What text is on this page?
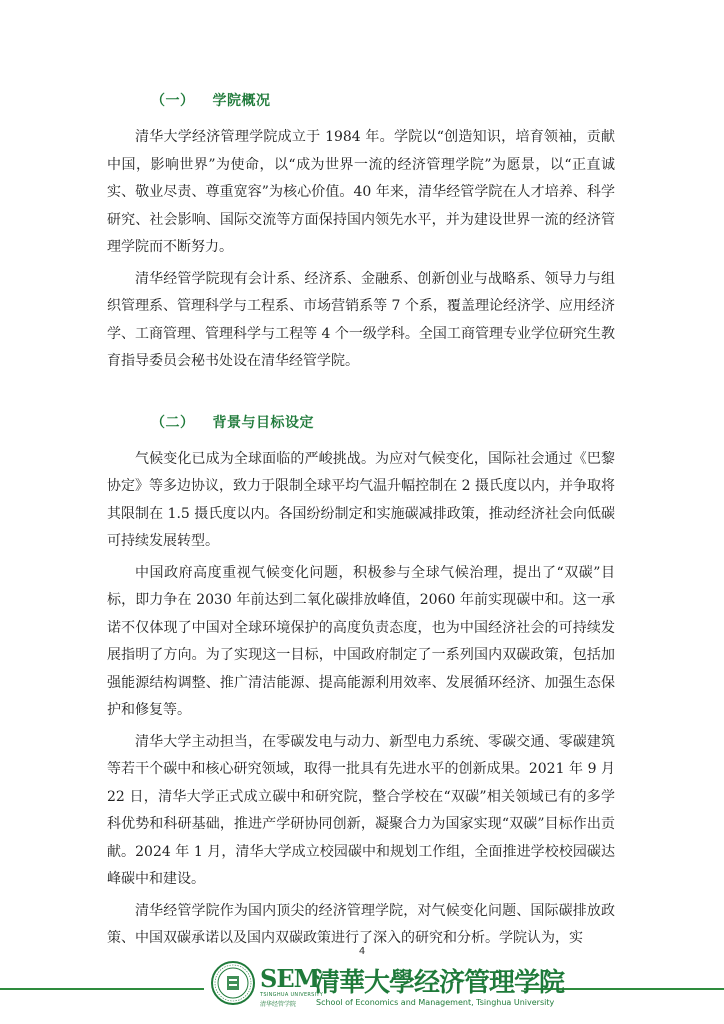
（一） 学院概况

清华大学经济管理学院成立于 1984 年。学院以“创造知识，培育领袖，贡献中国，影响世界”为使命，以“成为世界一流的经济管理学院”为愿景，以“正直诚实、敬业尽责、尊重宽容”为核心价值。40 年来，清华经管学院在人才培养、科学研究、社会影响、国际交流等方面保持国内领先水平，并为建设世界一流的经济管理学院而不断努力。

清华经管学院现有会计系、经济系、金融系、创新创业与战略系、领导力与组织管理系、管理科学与工程系、市场营销系等 7 个系，覆盖理论经济学、应用经济学、工商管理、管理科学与工程等 4 个一级学科。全国工商管理专业学位研究生教育指导委员会秘书处设在清华经管学院。

（二） 背景与目标设定

气候变化已成为全球面临的严峻挑战。为应对气候变化，国际社会通过《巴黎协定》等多边协议，致力于限制全球平均气温升幅控制在 2 摄氏度以内，并争取将其限制在 1.5 摄氏度以内。各国纷纷制定和实施碳减排政策，推动经济社会向低碳可持续发展转型。

中国政府高度重视气候变化问题，积极参与全球气候治理，提出了“双碳”目标，即力争在 2030 年前达到二氧化碳排放峰值，2060 年前实现碳中和。这一承诺不仅体现了中国对全球环境保护的高度负责态度，也为中国经济社会的可持续发展指明了方向。为了实现这一目标，中国政府制定了一系列国内双碳政策，包括加强能源结构调整、推广清洁能源、提高能源利用效率、发展循环经济、加强生态保护和修复等。

清华大学主动担当，在零碳发电与动力、新型电力系统、零碳交通、零碳建筑等若干个碳中和核心研究领域，取得一批具有先进水平的创新成果。2021 年 9 月 22 日，清华大学正式成立碳中和研究院，整合学校在“双碳”相关领域已有的多学科优势和科研基础，推进产学研协同创新，凝聚合力为国家实现“双碳”目标作出贡献。2024 年 1 月，清华大学成立校园碳中和规划工作组，全面推进学校校园碳达峰碳中和建设。

清华经管学院作为国内顶尖的经济管理学院，对气候变化问题、国际碳排放政策、中国双碳承诺以及国内双碳政策进行了深入的研究和分析。学院认为，实

4
SEM
TSINGHUA UNIVERSITY
清华经管学院
清華大學经济管理学院
School of Economics and Management, Tsinghua University
